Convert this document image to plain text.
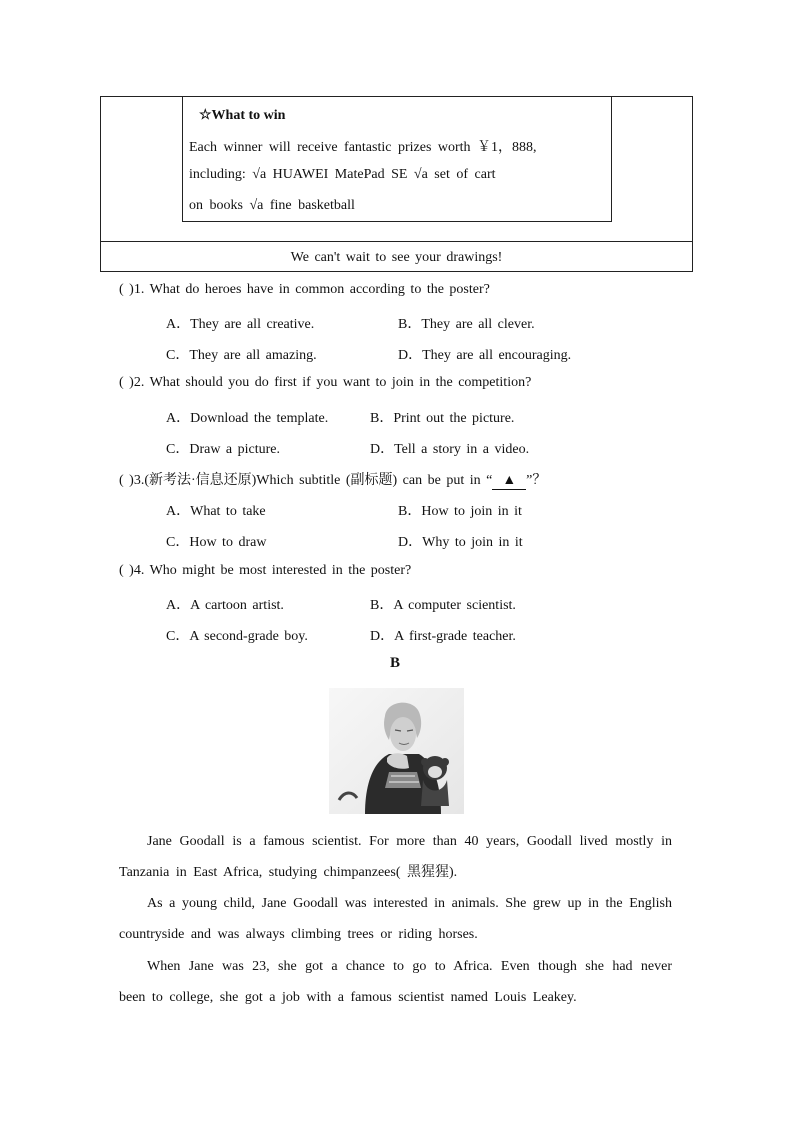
☆What to win
Each winner will receive fantastic prizes worth ￥1，888,
including: √a HUAWEI MatePad SE √a set of cart
on books √a fine basketball
We can't wait to see your drawings!
( )1. What do heroes have in common according to the poster?
A．They are all creative.	B．They are all clever.
C．They are all amazing.	D．They are all encouraging.
( )2. What should you do first if you want to join in the competition?
A．Download the template.	B．Print out the picture.
C．Draw a picture.	D．Tell a story in a video.
( )3.(新考法·信息还原)Which subtitle (副标题) can be put in “ ▲ ”？
A．What to take	B．How to join in it
C．How to draw	D．Why to join in it
( )4. Who might be most interested in the poster?
A．A cartoon artist.	B．A computer scientist.
C．A second-grade boy.	D．A first-grade teacher.
B
Jane Goodall is a famous scientist. For more than 40 years, Goodall lived mostly in Tanzania in East Africa, studying chimpanzees( 黑猩猩).
As a young child, Jane Goodall was interested in animals. She grew up in the English countryside and was always climbing trees or riding horses.
When Jane was 23, she got a chance to go to Africa. Even though she had never been to college, she got a job with a famous scientist named Louis Leakey.
